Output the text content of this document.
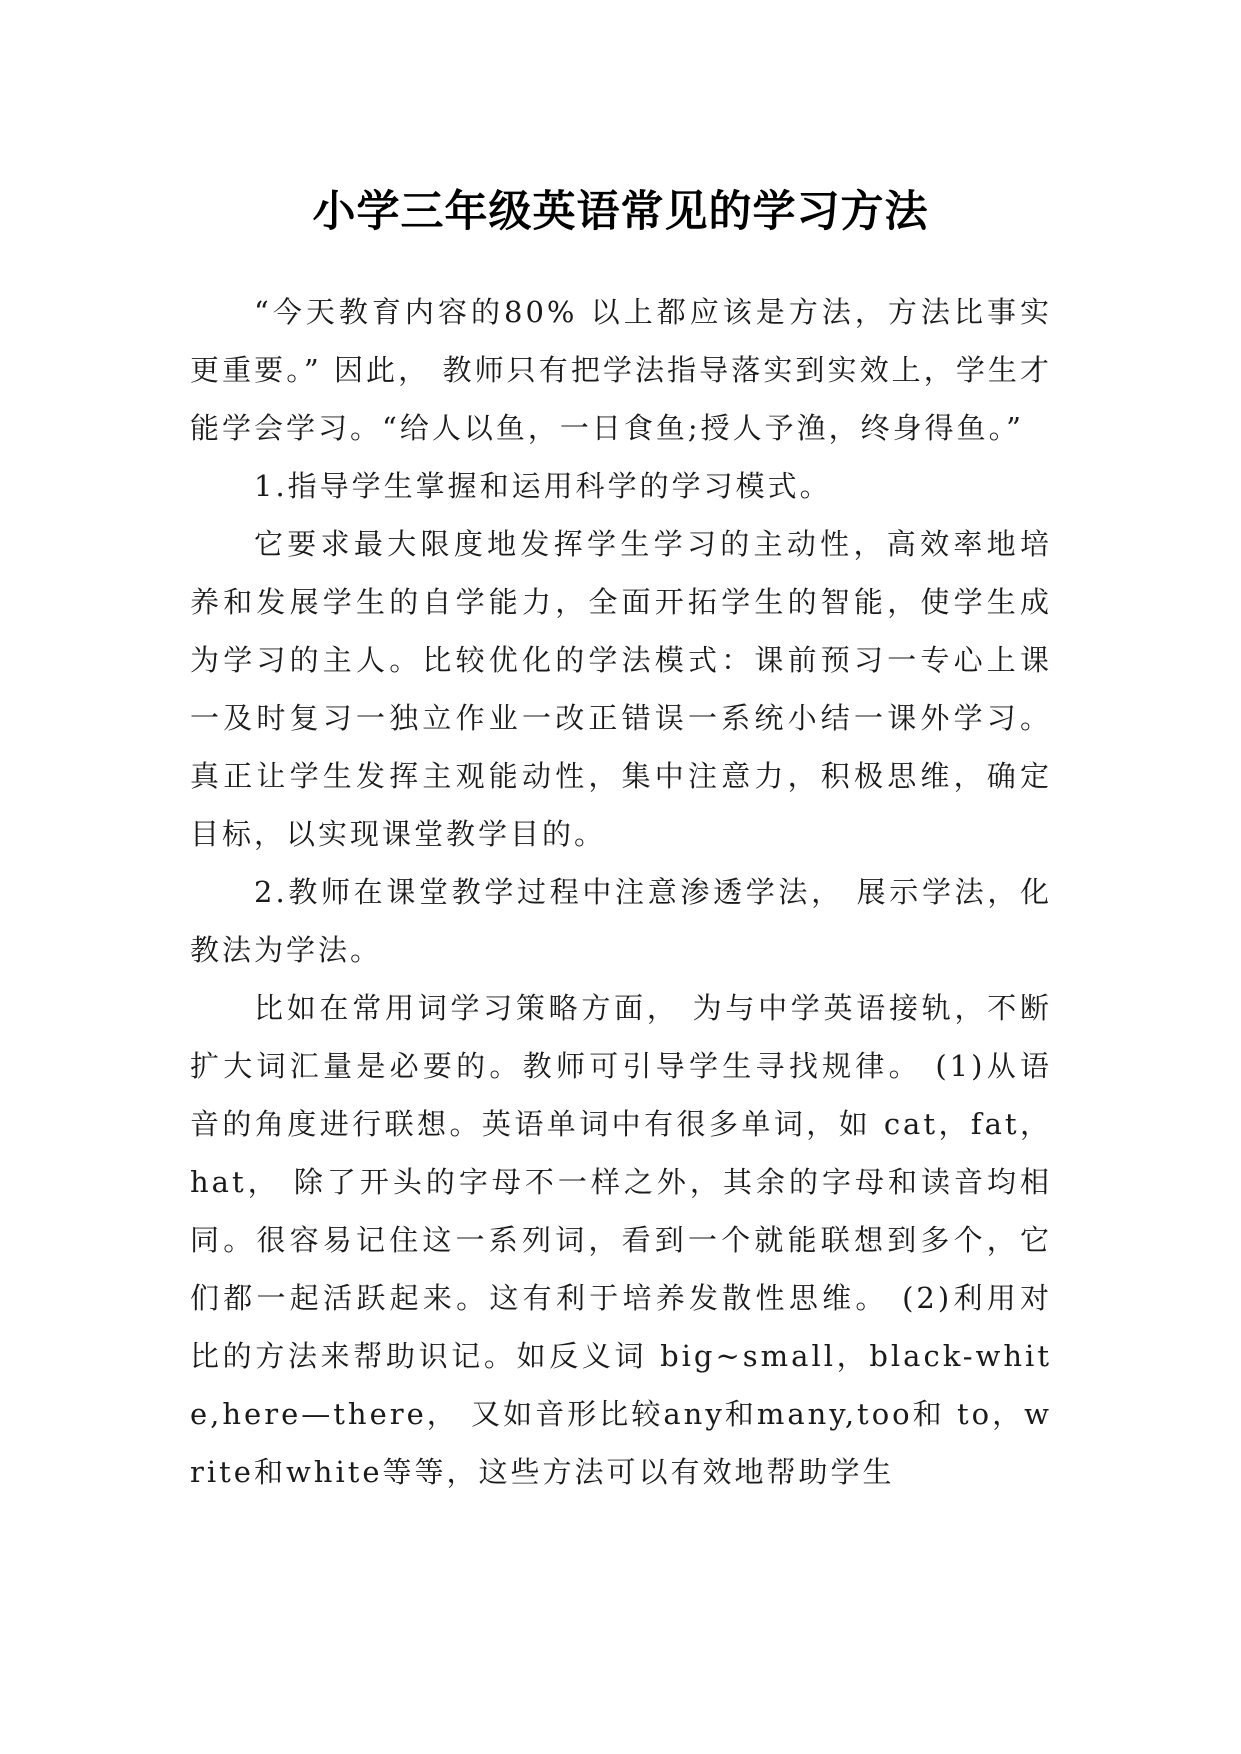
小学三年级英语常见的学习方法

“今天教育内容的80% 以上都应该是方法，方法比事实更重要。” 因此， 教师只有把学法指导落实到实效上，学生才能学会学习。“给人以鱼，一日食鱼;授人予渔，终身得鱼。”

1.指导学生掌握和运用科学的学习模式。

它要求最大限度地发挥学生学习的主动性，高效率地培养和发展学生的自学能力，全面开拓学生的智能，使学生成为学习的主人。比较优化的学法模式：课前预习一专心上课一及时复习一独立作业一改正错误一系统小结一课外学习。真正让学生发挥主观能动性，集中注意力，积极思维，确定目标，以实现课堂教学目的。

2.教师在课堂教学过程中注意渗透学法， 展示学法，化教法为学法。

比如在常用词学习策略方面， 为与中学英语接轨，不断扩大词汇量是必要的。教师可引导学生寻找规律。 (1)从语音的角度进行联想。英语单词中有很多单词，如 cat，fat，hat， 除了开头的字母不一样之外，其余的字母和读音均相同。很容易记住这一系列词，看到一个就能联想到多个，它们都一起活跃起来。这有利于培养发散性思维。 (2)利用对比的方法来帮助识记。如反义词 big~small，black-white,here—there， 又如音形比较any和many,too和 to，write和white等等，这些方法可以有效地帮助学生
